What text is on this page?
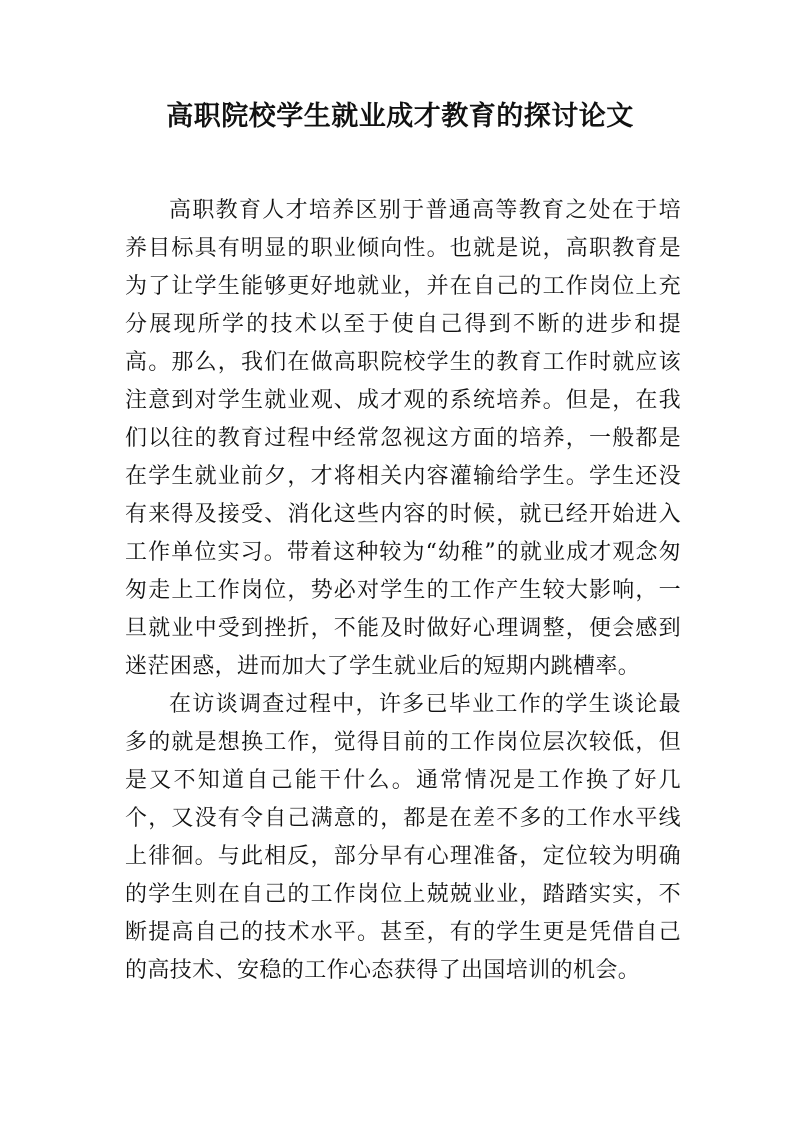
高职院校学生就业成才教育的探讨论文

高职教育人才培养区别于普通高等教育之处在于培养目标具有明显的职业倾向性。也就是说，高职教育是为了让学生能够更好地就业，并在自己的工作岗位上充分展现所学的技术以至于使自己得到不断的进步和提高。那么，我们在做高职院校学生的教育工作时就应该注意到对学生就业观、成才观的系统培养。但是，在我们以往的教育过程中经常忽视这方面的培养，一般都是在学生就业前夕，才将相关内容灌输给学生。学生还没有来得及接受、消化这些内容的时候，就已经开始进入工作单位实习。带着这种较为“幼稚”的就业成才观念匆匆走上工作岗位，势必对学生的工作产生较大影响，一旦就业中受到挫折，不能及时做好心理调整，便会感到迷茫困惑，进而加大了学生就业后的短期内跳槽率。

在访谈调查过程中，许多已毕业工作的学生谈论最多的就是想换工作，觉得目前的工作岗位层次较低，但是又不知道自己能干什么。通常情况是工作换了好几个，又没有令自己满意的，都是在差不多的工作水平线上徘徊。与此相反，部分早有心理准备，定位较为明确的学生则在自己的工作岗位上兢兢业业，踏踏实实，不断提高自己的技术水平。甚至，有的学生更是凭借自己的高技术、安稳的工作心态获得了出国培训的机会。
